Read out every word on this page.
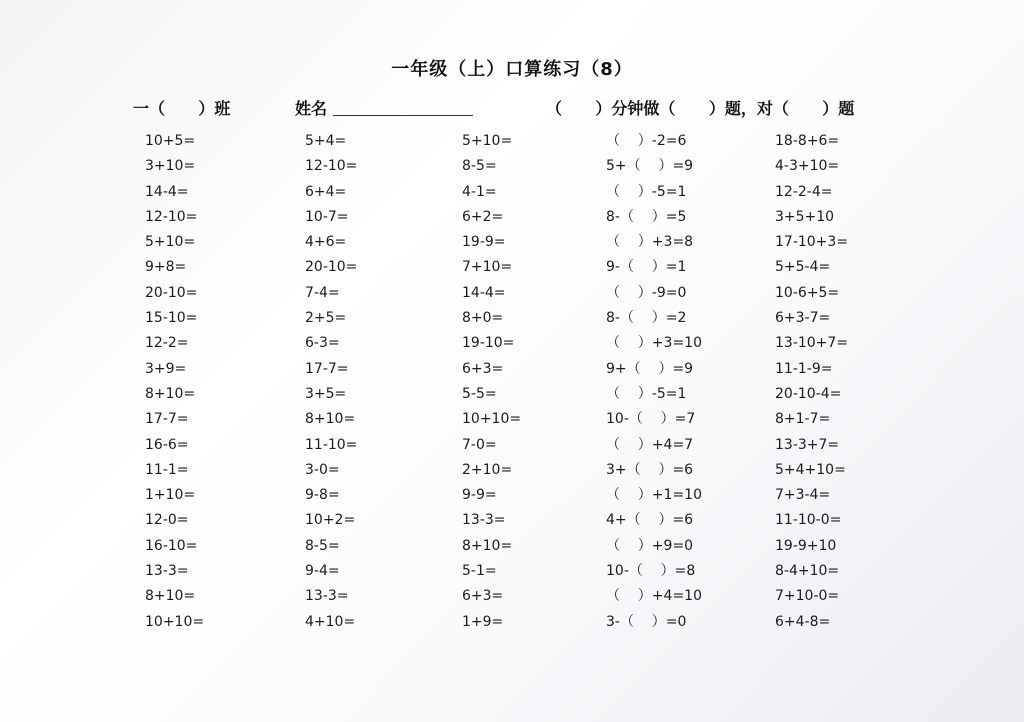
一年级（上）口算练习（8）
一（      ）班	姓名	（      ）分钟做（      ）题，对（      ）题
10+5=
3+10=
14-4=
12-10=
5+10=
9+8=
20-10=
15-10=
12-2=
3+9=
8+10=
17-7=
16-6=
11-1=
1+10=
12-0=
16-10=
13-3=
8+10=
10+10=
5+4=
12-10=
6+4=
10-7=
4+6=
20-10=
7-4=
2+5=
6-3=
17-7=
3+5=
8+10=
11-10=
3-0=
9-8=
10+2=
8-5=
9-4=
13-3=
4+10=
5+10=
8-5=
4-1=
6+2=
19-9=
7+10=
14-4=
8+0=
19-10=
6+3=
5-5=
10+10=
7-0=
2+10=
9-9=
13-3=
8+10=
5-1=
6+3=
1+9=
（    ）-2=6
5+（    ）=9
（    ）-5=1
8-（    ）=5
（    ）+3=8
9-（    ）=1
（    ）-9=0
8-（    ）=2
（    ）+3=10
9+（    ）=9
（    ）-5=1
10-（    ）=7
（    ）+4=7
3+（    ）=6
（    ）+1=10
4+（    ）=6
（    ）+9=0
10-（    ）=8
（    ）+4=10
3-（    ）=0
18-8+6=
4-3+10=
12-2-4=
3+5+10
17-10+3=
5+5-4=
10-6+5=
6+3-7=
13-10+7=
11-1-9=
20-10-4=
8+1-7=
13-3+7=
5+4+10=
7+3-4=
11-10-0=
19-9+10
8-4+10=
7+10-0=
6+4-8=
